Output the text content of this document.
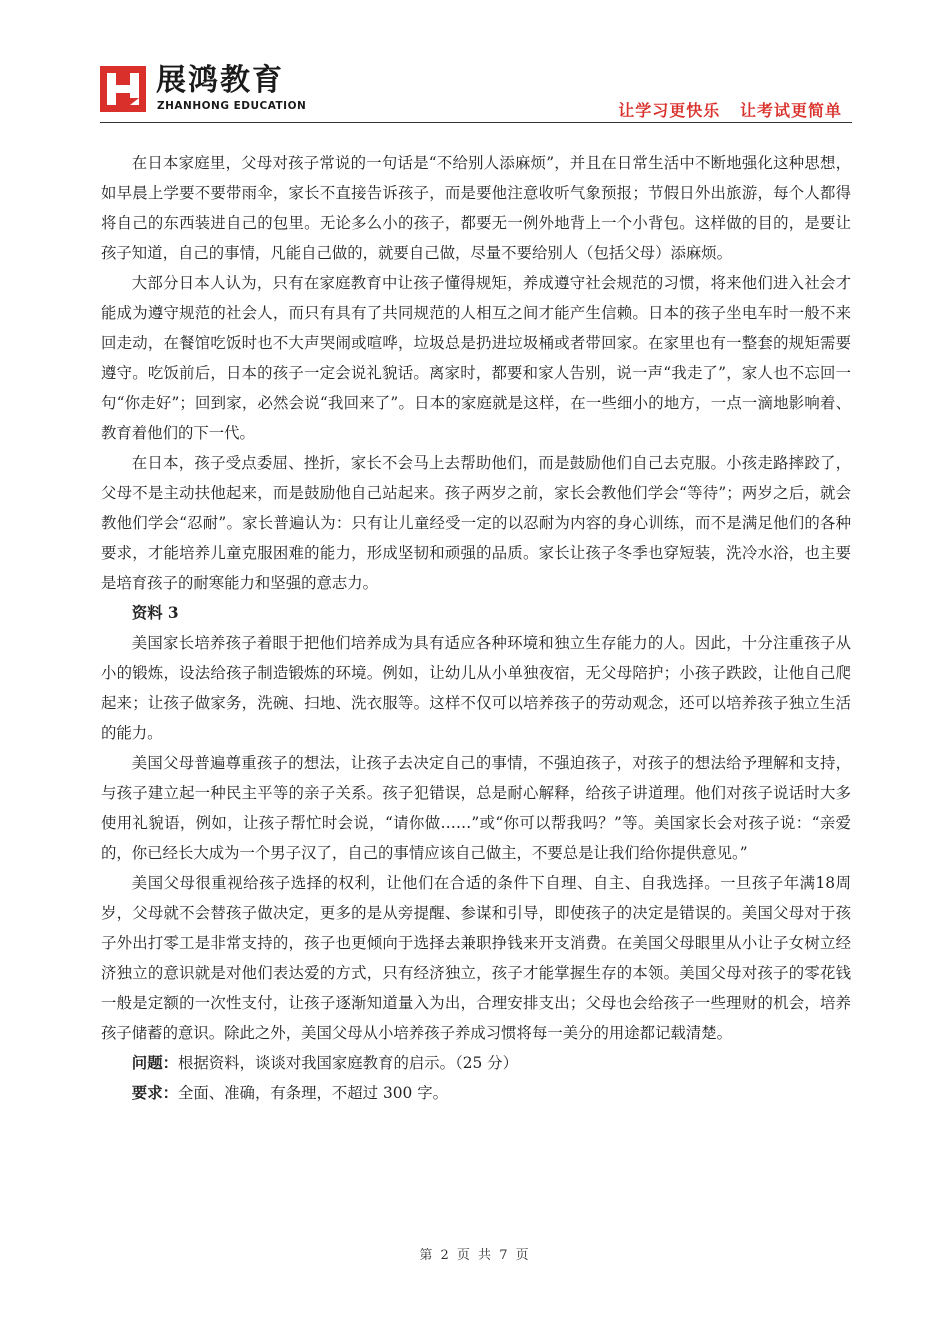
展鸿教育
ZHANHONG EDUCATION	让学习更快乐   让考试更简单

在日本家庭里，父母对孩子常说的一句话是“不给别人添麻烦”，并且在日常生活中不断地强化这种思想，如早晨上学要不要带雨伞，家长不直接告诉孩子，而是要他注意收听气象预报；节假日外出旅游，每个人都得将自己的东西装进自己的包里。无论多么小的孩子，都要无一例外地背上一个小背包。这样做的目的，是要让孩子知道，自己的事情，凡能自己做的，就要自己做，尽量不要给别人（包括父母）添麻烦。

大部分日本人认为，只有在家庭教育中让孩子懂得规矩，养成遵守社会规范的习惯，将来他们进入社会才能成为遵守规范的社会人，而只有具有了共同规范的人相互之间才能产生信赖。日本的孩子坐电车时一般不来回走动，在餐馆吃饭时也不大声哭闹或喧哗，垃圾总是扔进垃圾桶或者带回家。在家里也有一整套的规矩需要遵守。吃饭前后，日本的孩子一定会说礼貌话。离家时，都要和家人告别，说一声“我走了”，家人也不忘回一句“你走好”；回到家，必然会说“我回来了”。日本的家庭就是这样，在一些细小的地方，一点一滴地影响着、教育着他们的下一代。

在日本，孩子受点委屈、挫折，家长不会马上去帮助他们，而是鼓励他们自己去克服。小孩走路摔跤了，父母不是主动扶他起来，而是鼓励他自己站起来。孩子两岁之前，家长会教他们学会“等待”；两岁之后，就会教他们学会“忍耐”。家长普遍认为：只有让儿童经受一定的以忍耐为内容的身心训练，而不是满足他们的各种要求，才能培养儿童克服困难的能力，形成坚韧和顽强的品质。家长让孩子冬季也穿短装，洗冷水浴，也主要是培育孩子的耐寒能力和坚强的意志力。

资料 3

美国家长培养孩子着眼于把他们培养成为具有适应各种环境和独立生存能力的人。因此，十分注重孩子从小的锻炼，设法给孩子制造锻炼的环境。例如，让幼儿从小单独夜宿，无父母陪护；小孩子跌跤，让他自己爬起来；让孩子做家务，洗碗、扫地、洗衣服等。这样不仅可以培养孩子的劳动观念，还可以培养孩子独立生活的能力。

美国父母普遍尊重孩子的想法，让孩子去决定自己的事情，不强迫孩子，对孩子的想法给予理解和支持，与孩子建立起一种民主平等的亲子关系。孩子犯错误，总是耐心解释，给孩子讲道理。他们对孩子说话时大多使用礼貌语，例如，让孩子帮忙时会说，“请你做……”或“你可以帮我吗？”等。美国家长会对孩子说：“亲爱的，你已经长大成为一个男子汉了，自己的事情应该自己做主，不要总是让我们给你提供意见。”

美国父母很重视给孩子选择的权利，让他们在合适的条件下自理、自主、自我选择。一旦孩子年满18周岁，父母就不会替孩子做决定，更多的是从旁提醒、参谋和引导，即使孩子的决定是错误的。美国父母对于孩子外出打零工是非常支持的，孩子也更倾向于选择去兼职挣钱来开支消费。在美国父母眼里从小让子女树立经济独立的意识就是对他们表达爱的方式，只有经济独立，孩子才能掌握生存的本领。美国父母对孩子的零花钱一般是定额的一次性支付，让孩子逐渐知道量入为出，合理安排支出；父母也会给孩子一些理财的机会，培养孩子储蓄的意识。除此之外，美国父母从小培养孩子养成习惯将每一美分的用途都记载清楚。

问题：根据资料，谈谈对我国家庭教育的启示。（25 分）

要求：全面、准确，有条理，不超过 300 字。

第 2 页 共 7 页
